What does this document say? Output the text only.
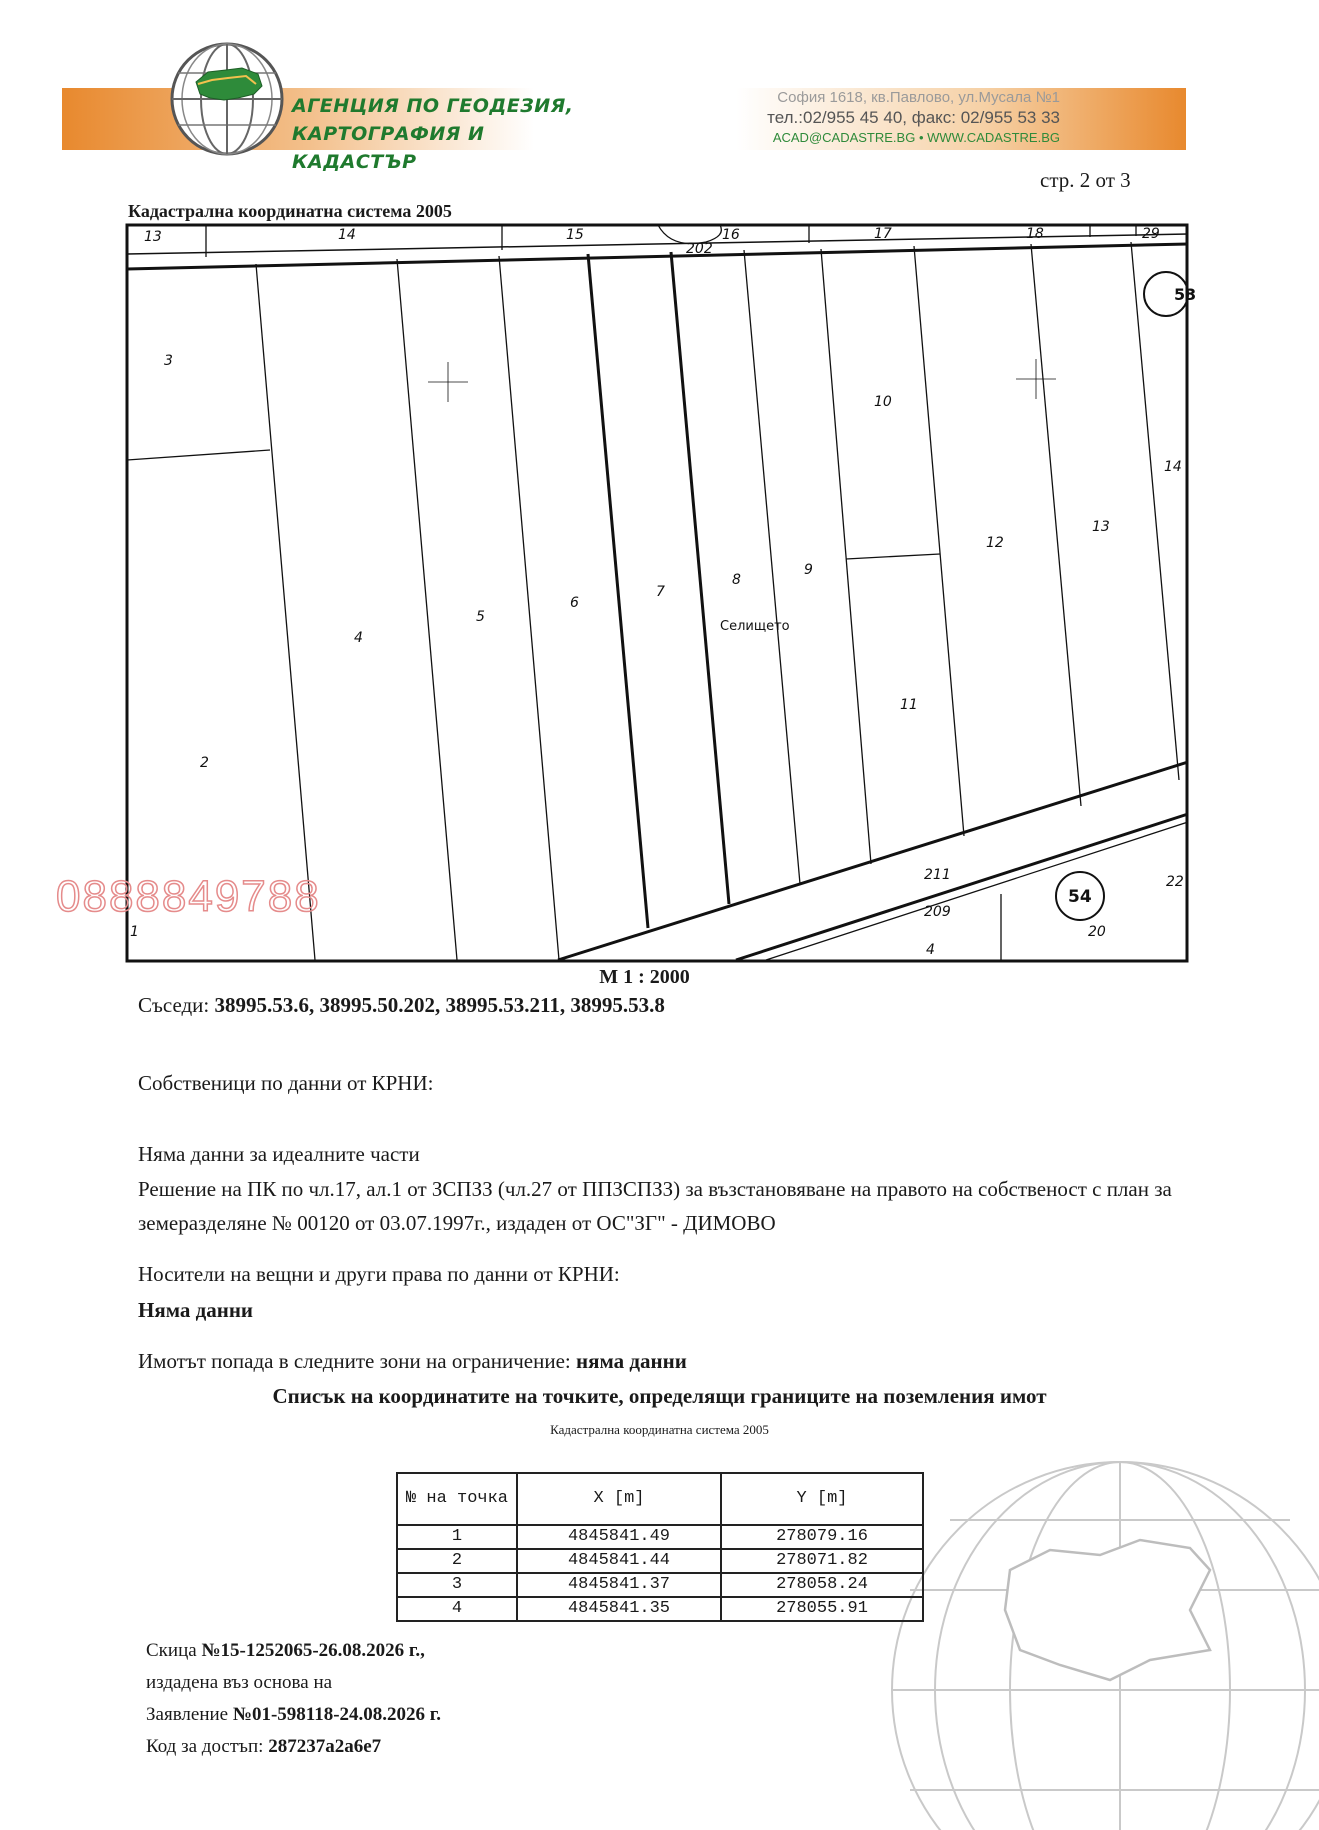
АГЕНЦИЯ ПО ГЕОДЕЗИЯ,
КАРТОГРАФИЯ И КАДАСТЪР
София 1618, кв.Павлово, ул.Мусала №1
тел.:02/955 45 40, факс: 02/955 53 33
ACAD@CADASTRE.BG • WWW.CADASTRE.BG
стр. 2 от 3
Кадастрална координатна система 2005
13	14	15	16
202
17	18	29
3
10
53
14
12
13
9
8
7
6
5
4
2
11
211
54
22
209
20
4
1
Селището
0888849788
М 1 : 2000
Съседи: 38995.53.6, 38995.50.202, 38995.53.211, 38995.53.8
Собственици по данни от КРНИ:
Няма данни за идеалните части
Решение на ПК по чл.17, ал.1 от ЗСПЗЗ (чл.27 от ППЗСПЗЗ) за възстановяване на правото на собственост с план за земеразделяне № 00120 от 03.07.1997г., издаден от ОС"ЗГ" - ДИМОВО
Носители на вещни и други права по данни от КРНИ:
Няма данни
Имотът попада в следните зони на ограничение: няма данни
Списък на координатите на точките, определящи границите на поземления имот
Кадастрална координатна система 2005
№ на точка	X [m]	Y [m]
1	4845841.49	278079.16
2	4845841.44	278071.82
3	4845841.37	278058.24
4	4845841.35	278055.91
Скица №15-1252065-26.08.2026 г.,
издадена въз основа на
Заявление №01-598118-24.08.2026 г.
Код за достъп: 287237a2a6e7
